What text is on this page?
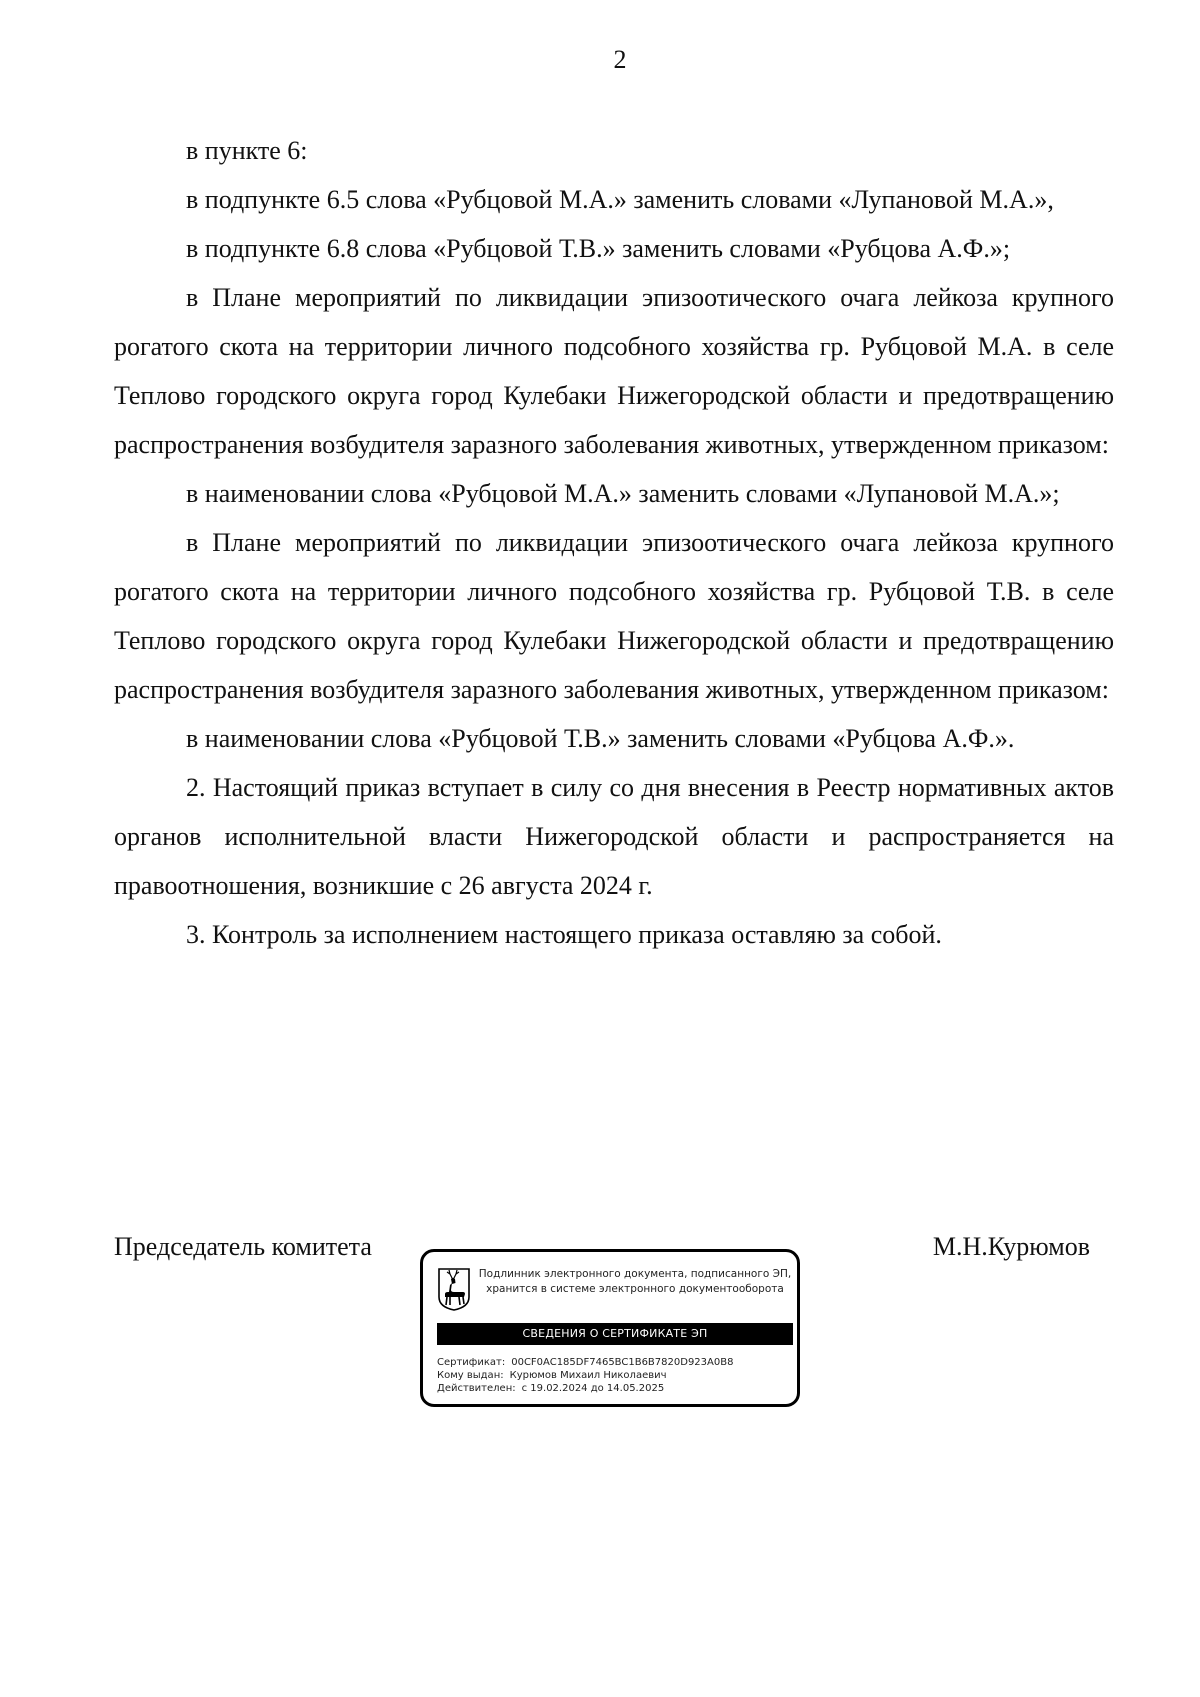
2

в пункте 6:

в подпункте 6.5 слова «Рубцовой М.А.» заменить словами «Лупановой М.А.»,

в подпункте 6.8 слова «Рубцовой Т.В.» заменить словами «Рубцова А.Ф.»;

в Плане мероприятий по ликвидации эпизоотического очага лейкоза крупного рогатого скота на территории личного подсобного хозяйства гр. Рубцовой М.А. в селе Теплово городского округа город Кулебаки Нижегородской области и предотвращению распространения возбудителя заразного заболевания животных, утвержденном приказом:

в наименовании слова «Рубцовой М.А.» заменить словами «Лупановой М.А.»;

в Плане мероприятий по ликвидации эпизоотического очага лейкоза крупного рогатого скота на территории личного подсобного хозяйства гр. Рубцовой Т.В. в селе Теплово городского округа город Кулебаки Нижегородской области и предотвращению распространения возбудителя заразного заболевания животных, утвержденном приказом:

в наименовании слова «Рубцовой Т.В.» заменить словами «Рубцова А.Ф.».

2. Настоящий приказ вступает в силу со дня внесения в Реестр нормативных актов органов исполнительной власти Нижегородской области и распространяется на правоотношения, возникшие с 26 августа 2024 г.

3. Контроль за исполнением настоящего приказа оставляю за собой.

Председатель комитета	М.Н.Курюмов
Подлинник электронного документа, подписанного ЭП,
хранится в системе электронного документооборота
СВЕДЕНИЯ О СЕРТИФИКАТЕ ЭП
Сертификат: 00CF0AC185DF7465BC1B6B7820D923A0B8
Кому выдан: Курюмов Михаил Николаевич
Действителен: с 19.02.2024 до 14.05.2025
